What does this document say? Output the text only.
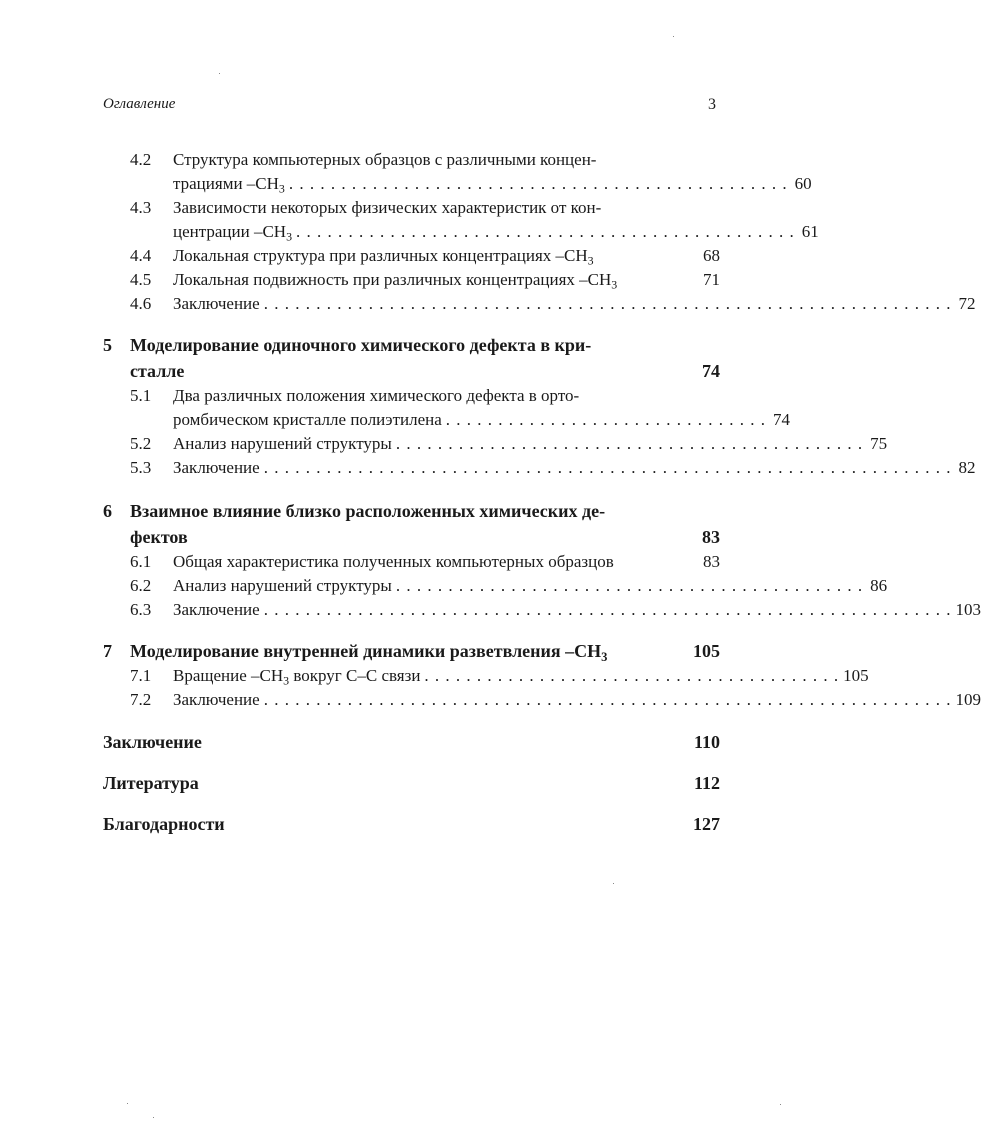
Оглавление	3
4.2 Структура компьютерных образцов с различными концен-
трациями $-CH_3$ . . . . . . . . . . . . . . . . . . . . . . . . . . . . . . . . . . . . . . . . . . . . . . . . 60
4.3 Зависимости некоторых физических характеристик от кон-
центрации $-CH_3$ . . . . . . . . . . . . . . . . . . . . . . . . . . . . . . . . . . . . . . . . . . . . . . . . 61
4.4 Локальная структура при различных концентрациях $-CH_3$	68
4.5 Локальная подвижность при различных концентрациях $-CH_3$	71
4.6 Заключение . . . . . . . . . . . . . . . . . . . . . . . . . . . . . . . . . . . . . . . . . . . . . . . . . . . . . . . . . . . . . . . . . . 72
5 Моделирование одиночного химического дефекта в кри-
сталле	74
5.1 Два различных положения химического дефекта в орто-
ромбическом кристалле полиэтилена . . . . . . . . . . . . . . . . . . . . . . . . . . . . . . . 74
5.2 Анализ нарушений структуры . . . . . . . . . . . . . . . . . . . . . . . . . . . . . . . . . . . . . . . . . . . . . 75
5.3 Заключение . . . . . . . . . . . . . . . . . . . . . . . . . . . . . . . . . . . . . . . . . . . . . . . . . . . . . . . . . . . . . . . . . . 82
6 Взаимное влияние близко расположенных химических де-
фектов	83
6.1 Общая характеристика полученных компьютерных образцов	83
6.2 Анализ нарушений структуры . . . . . . . . . . . . . . . . . . . . . . . . . . . . . . . . . . . . . . . . . . . . . 86
6.3 Заключение . . . . . . . . . . . . . . . . . . . . . . . . . . . . . . . . . . . . . . . . . . . . . . . . . . . . . . . . . . . . . . . . . . 103
7 Моделирование внутренней динамики разветвления $-CH_3$	105
7.1 Вращение $-CH_3$ вокруг C–C связи . . . . . . . . . . . . . . . . . . . . . . . . . . . . . . . . . . . . . . . . 105
7.2 Заключение . . . . . . . . . . . . . . . . . . . . . . . . . . . . . . . . . . . . . . . . . . . . . . . . . . . . . . . . . . . . . . . . . . 109
Заключение	110
Литература	112
Благодарности	127
